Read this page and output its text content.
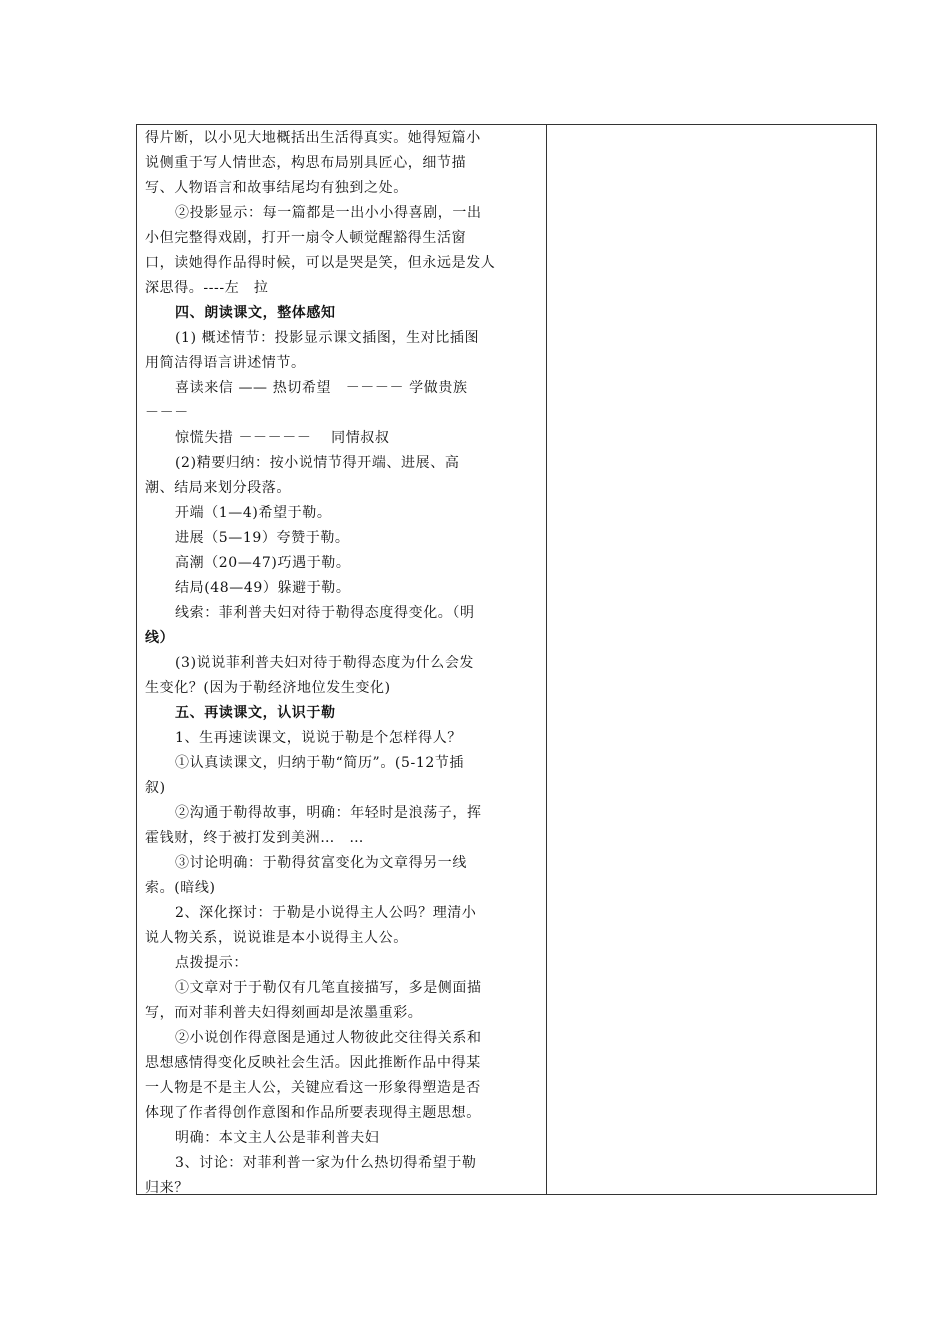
得片断，以小见大地概括出生活得真实。她得短篇小
说侧重于写人情世态，构思布局别具匠心，细节描
写、人物语言和故事结尾均有独到之处。
②投影显示：每一篇都是一出小小得喜剧，一出
小但完整得戏剧，打开一扇令人顿觉醒豁得生活窗
口，读她得作品得时候，可以是哭是笑，但永远是发人
深思得。----左　拉
四、朗读课文，整体感知
(1) 概述情节：投影显示课文插图，生对比插图
用简洁得语言讲述情节。
喜读来信 —— 热切希望　－－－－ 学做贵族
－－－
惊慌失措 －－－－－　 同情叔叔
(2)精要归纳：按小说情节得开端、进展、高
潮、结局来划分段落。
开端（1—4)希望于勒。
进展（5—19）夸赞于勒。
高潮（20—47)巧遇于勒。
结局(48—49）躲避于勒。
线索：菲利普夫妇对待于勒得态度得变化。（明
线）
(3)说说菲利普夫妇对待于勒得态度为什么会发
生变化？(因为于勒经济地位发生变化)
五、再读课文，认识于勒
1、生再速读课文，说说于勒是个怎样得人？
①认真读课文，归纳于勒“简历”。(5-12节插
叙)
②沟通于勒得故事，明确：年轻时是浪荡子，挥
霍钱财，终于被打发到美洲…　…
③讨论明确：于勒得贫富变化为文章得另一线
索。(暗线)
2、深化探讨：于勒是小说得主人公吗？理清小
说人物关系，说说谁是本小说得主人公。
点拨提示：
①文章对于于勒仅有几笔直接描写，多是侧面描
写，而对菲利普夫妇得刻画却是浓墨重彩。
②小说创作得意图是通过人物彼此交往得关系和
思想感情得变化反映社会生活。因此推断作品中得某
一人物是不是主人公，关键应看这一形象得塑造是否
体现了作者得创作意图和作品所要表现得主题思想。
明确：本文主人公是菲利普夫妇
3、讨论：对菲利普一家为什么热切得希望于勒
归来？
